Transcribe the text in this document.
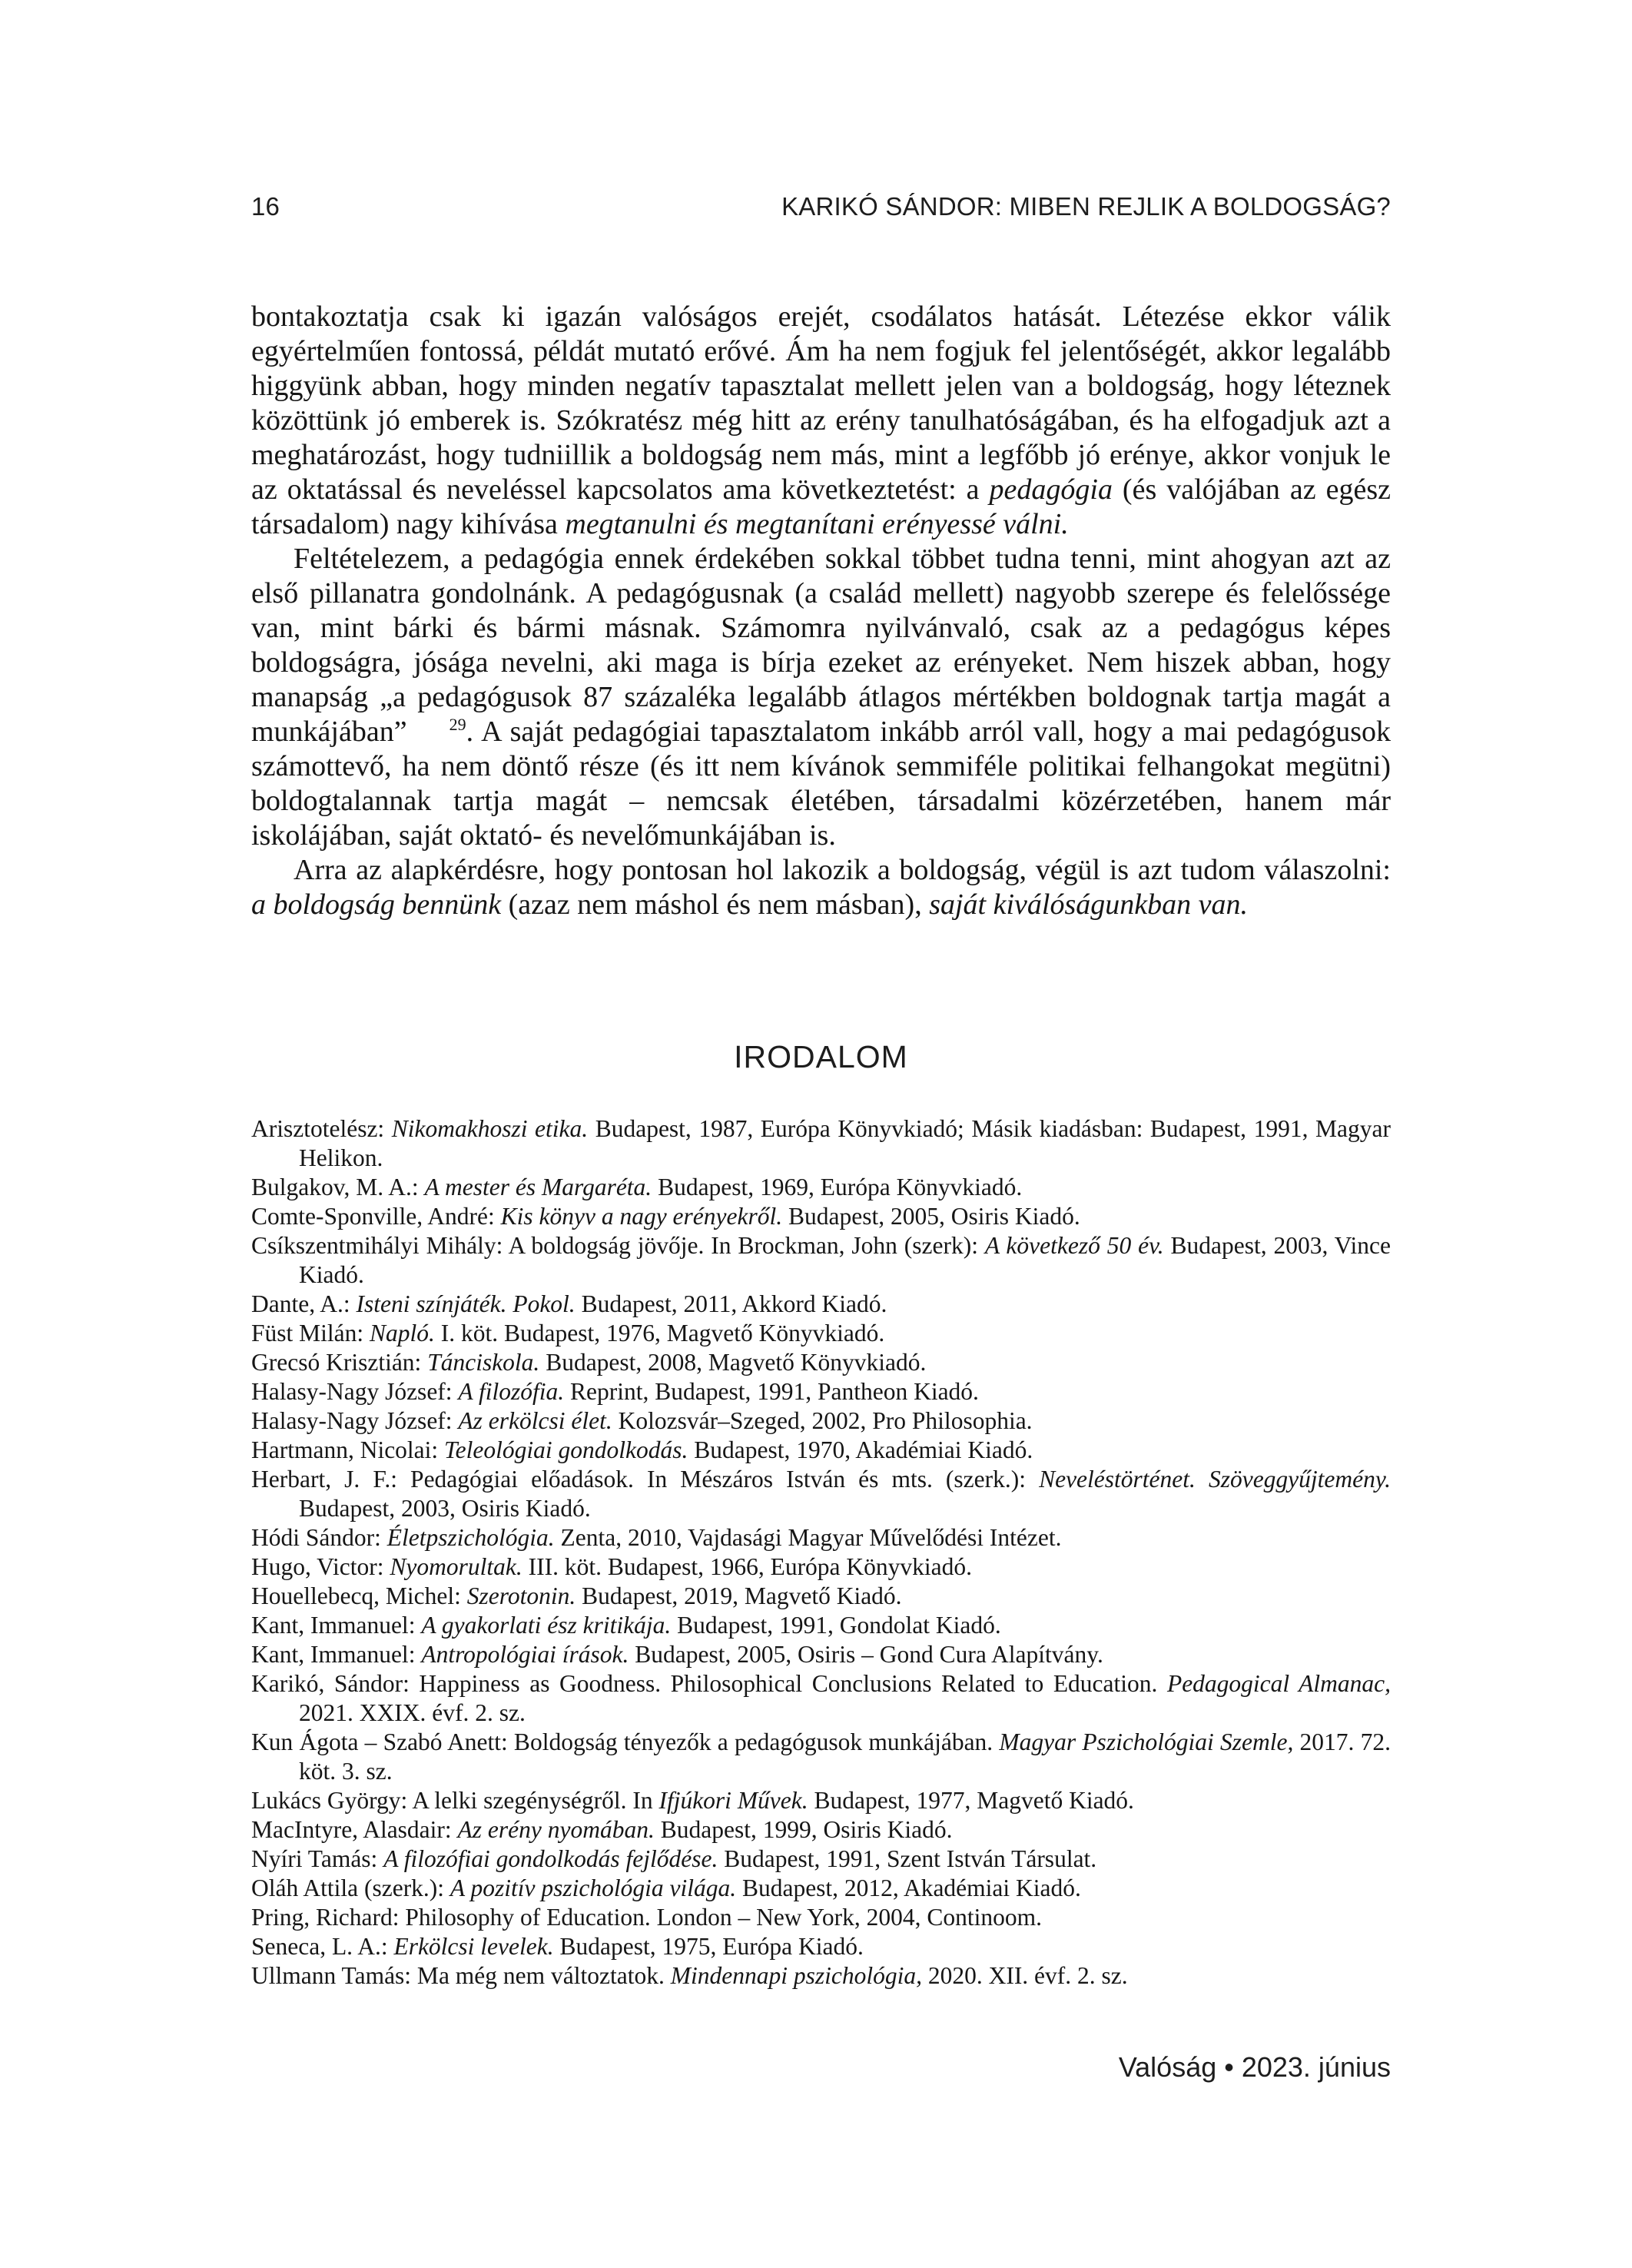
16	KARIKÓ SÁNDOR: MIBEN REJLIK A BOLDOGSÁG?
bontakoztatja csak ki igazán valóságos erejét, csodálatos hatását. Létezése ekkor válik egyértelműen fontossá, példát mutató erővé. Ám ha nem fogjuk fel jelentőségét, akkor legalább higgyünk abban, hogy minden negatív tapasztalat mellett jelen van a boldogság, hogy léteznek közöttünk jó emberek is. Szókratész még hitt az erény tanulhatóságában, és ha elfogadjuk azt a meghatározást, hogy tudniillik a boldogság nem más, mint a legfőbb jó erénye, akkor vonjuk le az oktatással és neveléssel kapcsolatos ama következtetést: a pedagógia (és valójában az egész társadalom) nagy kihívása megtanulni és megtanítani erényessé válni.
Feltételezem, a pedagógia ennek érdekében sokkal többet tudna tenni, mint ahogyan azt az első pillanatra gondolnánk. A pedagógusnak (a család mellett) nagyobb szerepe és felelőssége van, mint bárki és bármi másnak. Számomra nyilvánvaló, csak az a pedagógus képes boldogságra, jósága nevelni, aki maga is bírja ezeket az erényeket. Nem hiszek abban, hogy manapság „a pedagógusok 87 százaléka legalább átlagos mértékben boldognak tartja magát a munkájában”	29. A saját pedagógiai tapasztalatom inkább arról vall, hogy a mai pedagógusok számottevő, ha nem döntő része (és itt nem kívánok semmiféle politikai felhangokat megütni) boldogtalannak tartja magát – nemcsak életében, társadalmi közérzetében, hanem már iskolájában, saját oktató- és nevelőmunkájában is.
Arra az alapkérdésre, hogy pontosan hol lakozik a boldogság, végül is azt tudom válaszolni: a boldogság bennünk (azaz nem máshol és nem másban), saját kiválóságunkban van.
IRODALOM
Arisztotelész: Nikomakhoszi etika. Budapest, 1987, Európa Könyvkiadó; Másik kiadásban: Budapest, 1991, Magyar Helikon.
Bulgakov, M. A.: A mester és Margaréta. Budapest, 1969, Európa Könyvkiadó.
Comte-Sponville, André: Kis könyv a nagy erényekről. Budapest, 2005, Osiris Kiadó.
Csíkszentmihályi Mihály: A boldogság jövője. In Brockman, John (szerk): A következő 50 év. Budapest, 2003, Vince Kiadó.
Dante, A.: Isteni színjáték. Pokol. Budapest, 2011, Akkord Kiadó.
Füst Milán: Napló. I. köt. Budapest, 1976, Magvető Könyvkiadó.
Grecsó Krisztián: Tánciskola. Budapest, 2008, Magvető Könyvkiadó.
Halasy-Nagy József: A filozófia. Reprint, Budapest, 1991, Pantheon Kiadó.
Halasy-Nagy József: Az erkölcsi élet. Kolozsvár–Szeged, 2002, Pro Philosophia.
Hartmann, Nicolai: Teleológiai gondolkodás. Budapest, 1970, Akadémiai Kiadó.
Herbart, J. F.: Pedagógiai előadások. In Mészáros István és mts. (szerk.): Neveléstörténet. Szöveggyűjtemény. Budapest, 2003, Osiris Kiadó.
Hódi Sándor: Életpszichológia. Zenta, 2010, Vajdasági Magyar Művelődési Intézet.
Hugo, Victor: Nyomorultak. III. köt. Budapest, 1966, Európa Könyvkiadó.
Houellebecq, Michel: Szerotonin. Budapest, 2019, Magvető Kiadó.
Kant, Immanuel: A gyakorlati ész kritikája. Budapest, 1991, Gondolat Kiadó.
Kant, Immanuel: Antropológiai írások. Budapest, 2005, Osiris – Gond Cura Alapítvány.
Karikó, Sándor: Happiness as Goodness. Philosophical Conclusions Related to Education. Pedagogical Almanac, 2021. XXIX. évf. 2. sz.
Kun Ágota – Szabó Anett: Boldogság tényezők a pedagógusok munkájában. Magyar Pszichológiai Szemle, 2017. 72. köt. 3. sz.
Lukács György: A lelki szegénységről. In Ifjúkori Művek. Budapest, 1977, Magvető Kiadó.
MacIntyre, Alasdair: Az erény nyomában. Budapest, 1999, Osiris Kiadó.
Nyíri Tamás: A filozófiai gondolkodás fejlődése. Budapest, 1991, Szent István Társulat.
Oláh Attila (szerk.): A pozitív pszichológia világa. Budapest, 2012, Akadémiai Kiadó.
Pring, Richard: Philosophy of Education. London – New York, 2004, Continoom.
Seneca, L. A.: Erkölcsi levelek. Budapest, 1975, Európa Kiadó.
Ullmann Tamás: Ma még nem változtatok. Mindennapi pszichológia, 2020. XII. évf. 2. sz.
Valóság • 2023. június
